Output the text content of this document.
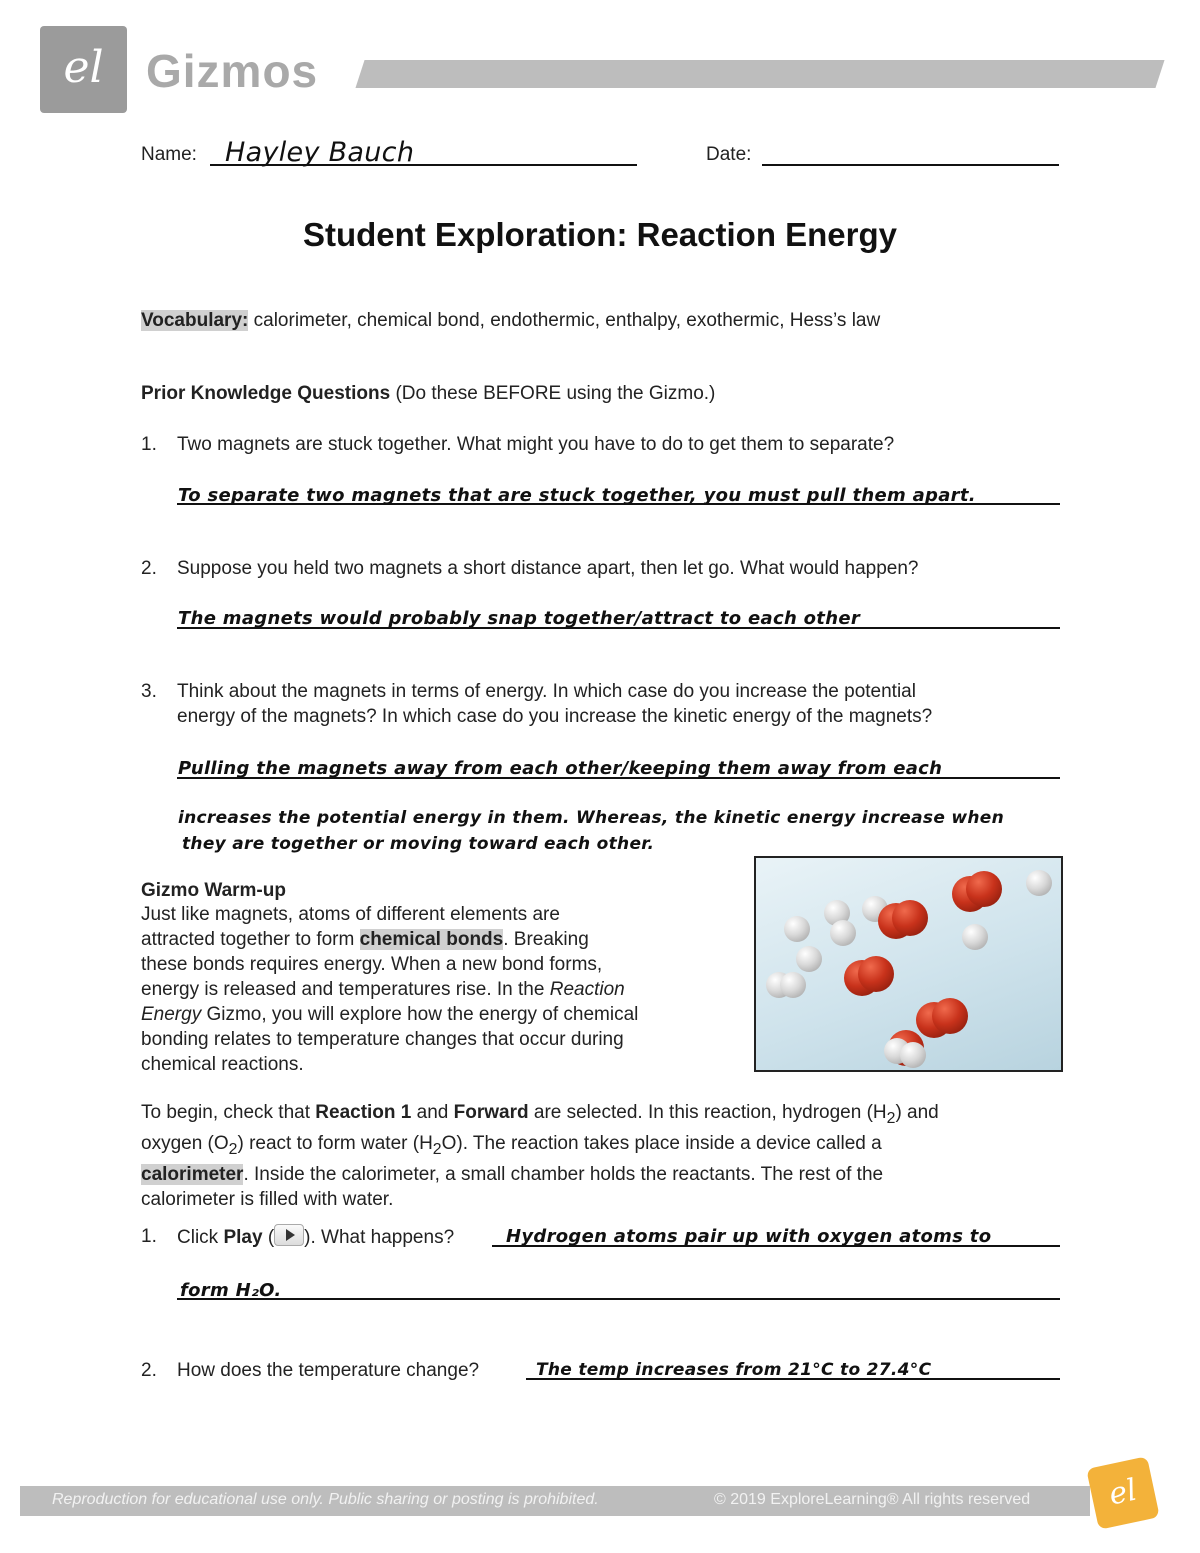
el Gizmos
Name: Hayley Bauch	Date:
Student Exploration: Reaction Energy
Vocabulary: calorimeter, chemical bond, endothermic, enthalpy, exothermic, Hess’s law
Prior Knowledge Questions (Do these BEFORE using the Gizmo.)
1. Two magnets are stuck together. What might you have to do to get them to separate?
To separate two magnets that are stuck together, you must pull them apart.
2. Suppose you held two magnets a short distance apart, then let go. What would happen?
The magnets would probably snap together/attract to each other
3. Think about the magnets in terms of energy. In which case do you increase the potential
energy of the magnets? In which case do you increase the kinetic energy of the magnets?
Pulling the magnets away from each other/keeping them away from each
increases the potential energy in them. Whereas, the kinetic energy increase when
they are together or moving toward each other.
Gizmo Warm-up
Just like magnets, atoms of different elements are
attracted together to form chemical bonds. Breaking
these bonds requires energy. When a new bond forms,
energy is released and temperatures rise. In the Reaction
Energy Gizmo, you will explore how the energy of chemical
bonding relates to temperature changes that occur during
chemical reactions.
To begin, check that Reaction 1 and Forward are selected. In this reaction, hydrogen $(H_2)$ and
oxygen $(O_2)$ react to form water $(H_2O)$. The reaction takes place inside a device called a
calorimeter. Inside the calorimeter, a small chamber holds the reactants. The rest of the
calorimeter is filled with water.
1. Click Play ( ). What happens?	Hydrogen atoms pair up with oxygen atoms to
form H₂O.
2. How does the temperature change?	The temp increases from 21°C to 27.4°C
Reproduction for educational use only. Public sharing or posting is prohibited.	© 2019 ExploreLearning® All rights reserved	el
